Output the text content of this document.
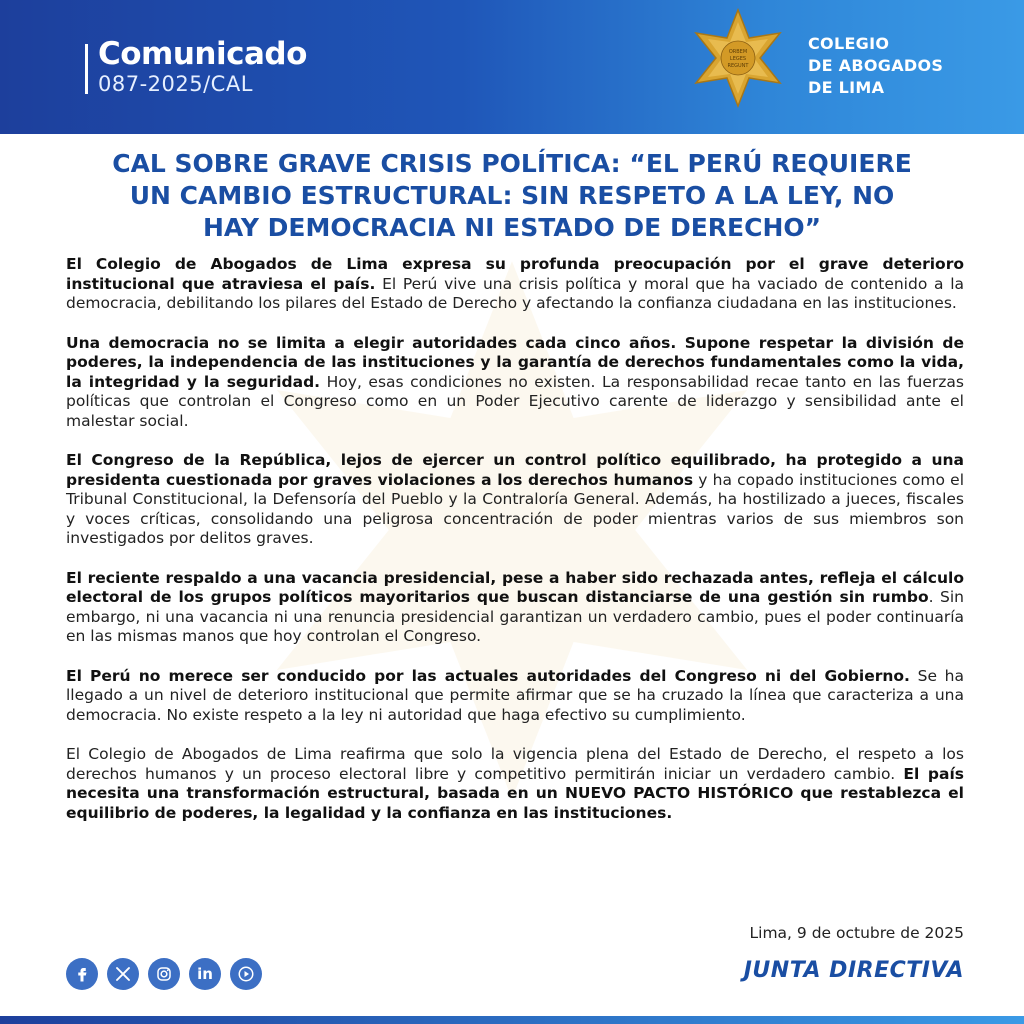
Comunicado
087-2025/CAL
ORBEM
LEGES
REGUNT
COLEGIO
DE ABOGADOS
DE LIMA
CAL SOBRE GRAVE CRISIS POLÍTICA: “EL PERÚ REQUIERE
UN CAMBIO ESTRUCTURAL: SIN RESPETO A LA LEY, NO
HAY DEMOCRACIA NI ESTADO DE DERECHO”

El Colegio de Abogados de Lima expresa su profunda preocupación por el grave deterioro institucional que atraviesa el país. El Perú vive una crisis política y moral que ha vaciado de contenido a la democracia, debilitando los pilares del Estado de Derecho y afectando la confianza ciudadana en las instituciones.

Una democracia no se limita a elegir autoridades cada cinco años. Supone respetar la división de poderes, la independencia de las instituciones y la garantía de derechos fundamentales como la vida, la integridad y la seguridad. Hoy, esas condiciones no existen. La responsabilidad recae tanto en las fuerzas políticas que controlan el Congreso como en un Poder Ejecutivo carente de liderazgo y sensibilidad ante el malestar social.

El Congreso de la República, lejos de ejercer un control político equilibrado, ha protegido a una presidenta cuestionada por graves violaciones a los derechos humanos y ha copado instituciones como el Tribunal Constitucional, la Defensoría del Pueblo y la Contraloría General. Además, ha hostilizado a jueces, fiscales y voces críticas, consolidando una peligrosa concentración de poder mientras varios de sus miembros son investigados por delitos graves.

El reciente respaldo a una vacancia presidencial, pese a haber sido rechazada antes, refleja el cálculo electoral de los grupos políticos mayoritarios que buscan distanciarse de una gestión sin rumbo. Sin embargo, ni una vacancia ni una renuncia presidencial garantizan un verdadero cambio, pues el poder continuaría en las mismas manos que hoy controlan el Congreso.

El Perú no merece ser conducido por las actuales autoridades del Congreso ni del Gobierno. Se ha llegado a un nivel de deterioro institucional que permite afirmar que se ha cruzado la línea que caracteriza a una democracia. No existe respeto a la ley ni autoridad que haga efectivo su cumplimiento.

El Colegio de Abogados de Lima reafirma que solo la vigencia plena del Estado de Derecho, el respeto a los derechos humanos y un proceso electoral libre y competitivo permitirán iniciar un verdadero cambio. El país necesita una transformación estructural, basada en un NUEVO PACTO HISTÓRICO que restablezca el equilibrio de poderes, la legalidad y la confianza en las instituciones.

Lima, 9 de octubre de 2025
in	JUNTA DIRECTIVA
